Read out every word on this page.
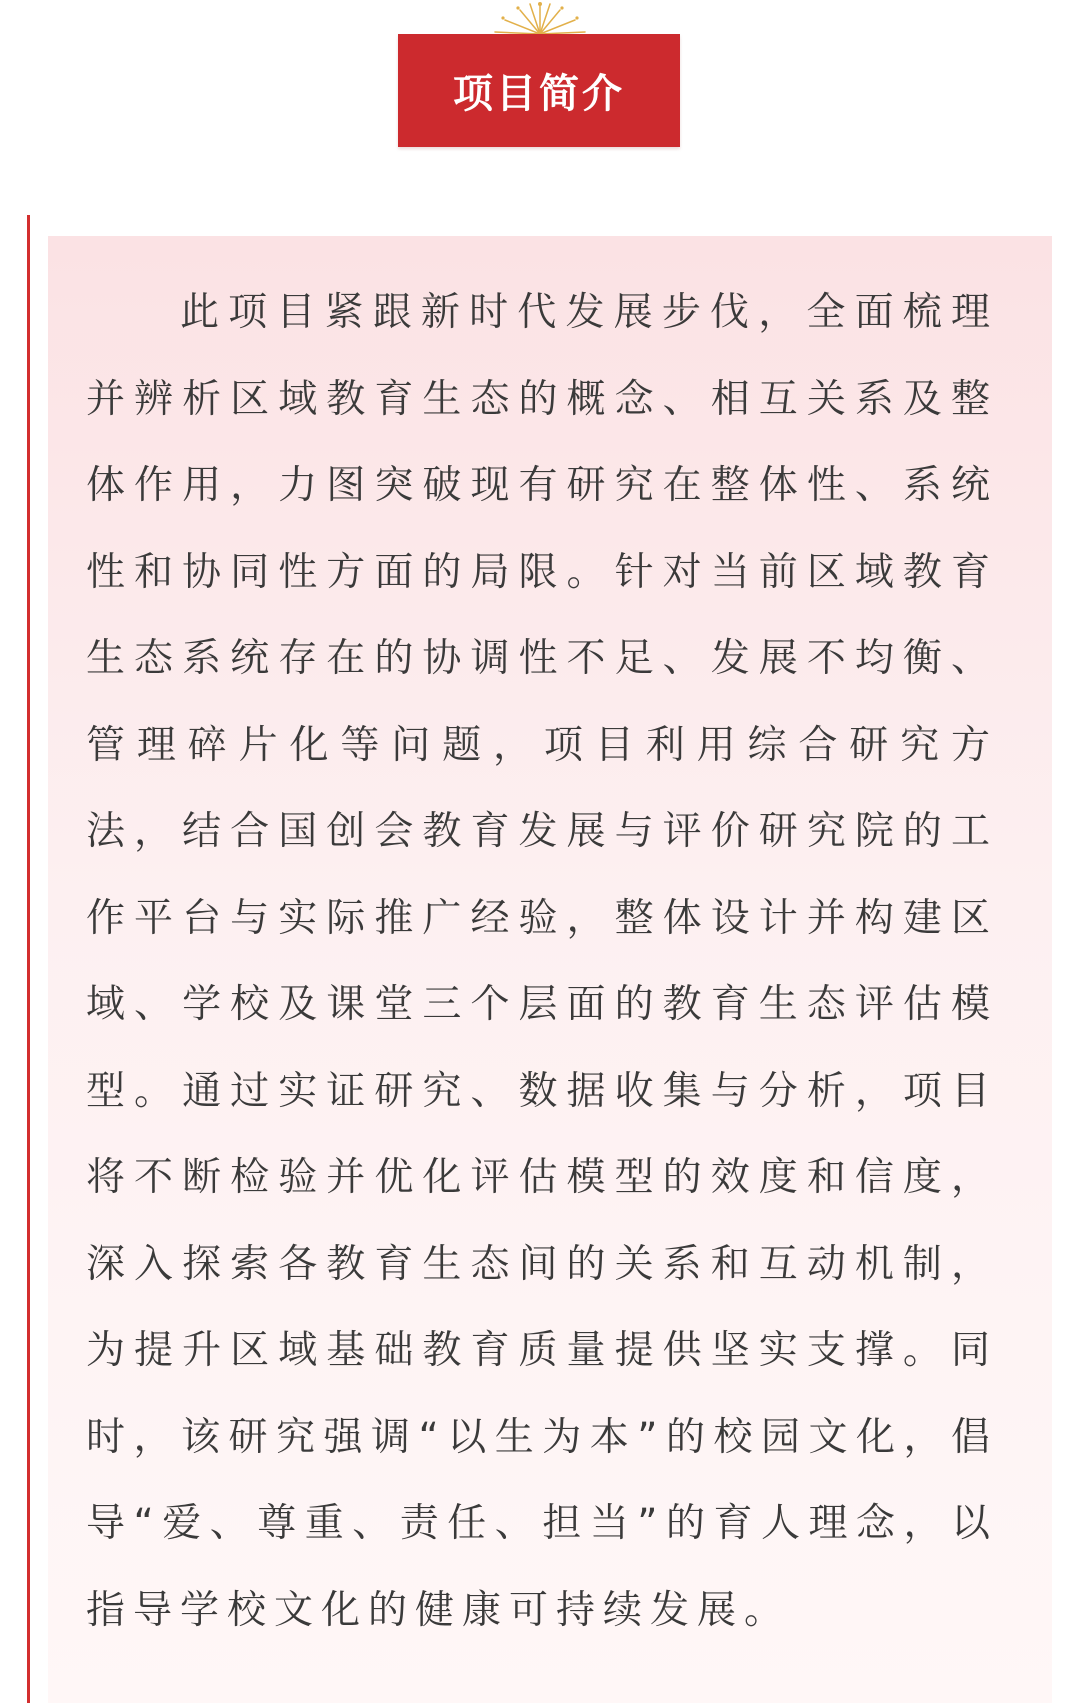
项目简介

此项目紧跟新时代发展步伐，全面梳理并辨析区域教育生态的概念、相互关系及整体作用，力图突破现有研究在整体性、系统性和协同性方面的局限。针对当前区域教育生态系统存在的协调性不足、发展不均衡、管理碎片化等问题，项目利用综合研究方法，结合国创会教育发展与评价研究院的工作平台与实际推广经验，整体设计并构建区域、学校及课堂三个层面的教育生态评估模型。通过实证研究、数据收集与分析，项目将不断检验并优化评估模型的效度和信度，深入探索各教育生态间的关系和互动机制，为提升区域基础教育质量提供坚实支撑。同时，该研究强调“以生为本”的校园文化，倡导“爱、尊重、责任、担当”的育人理念，以指导学校文化的健康可持续发展。
